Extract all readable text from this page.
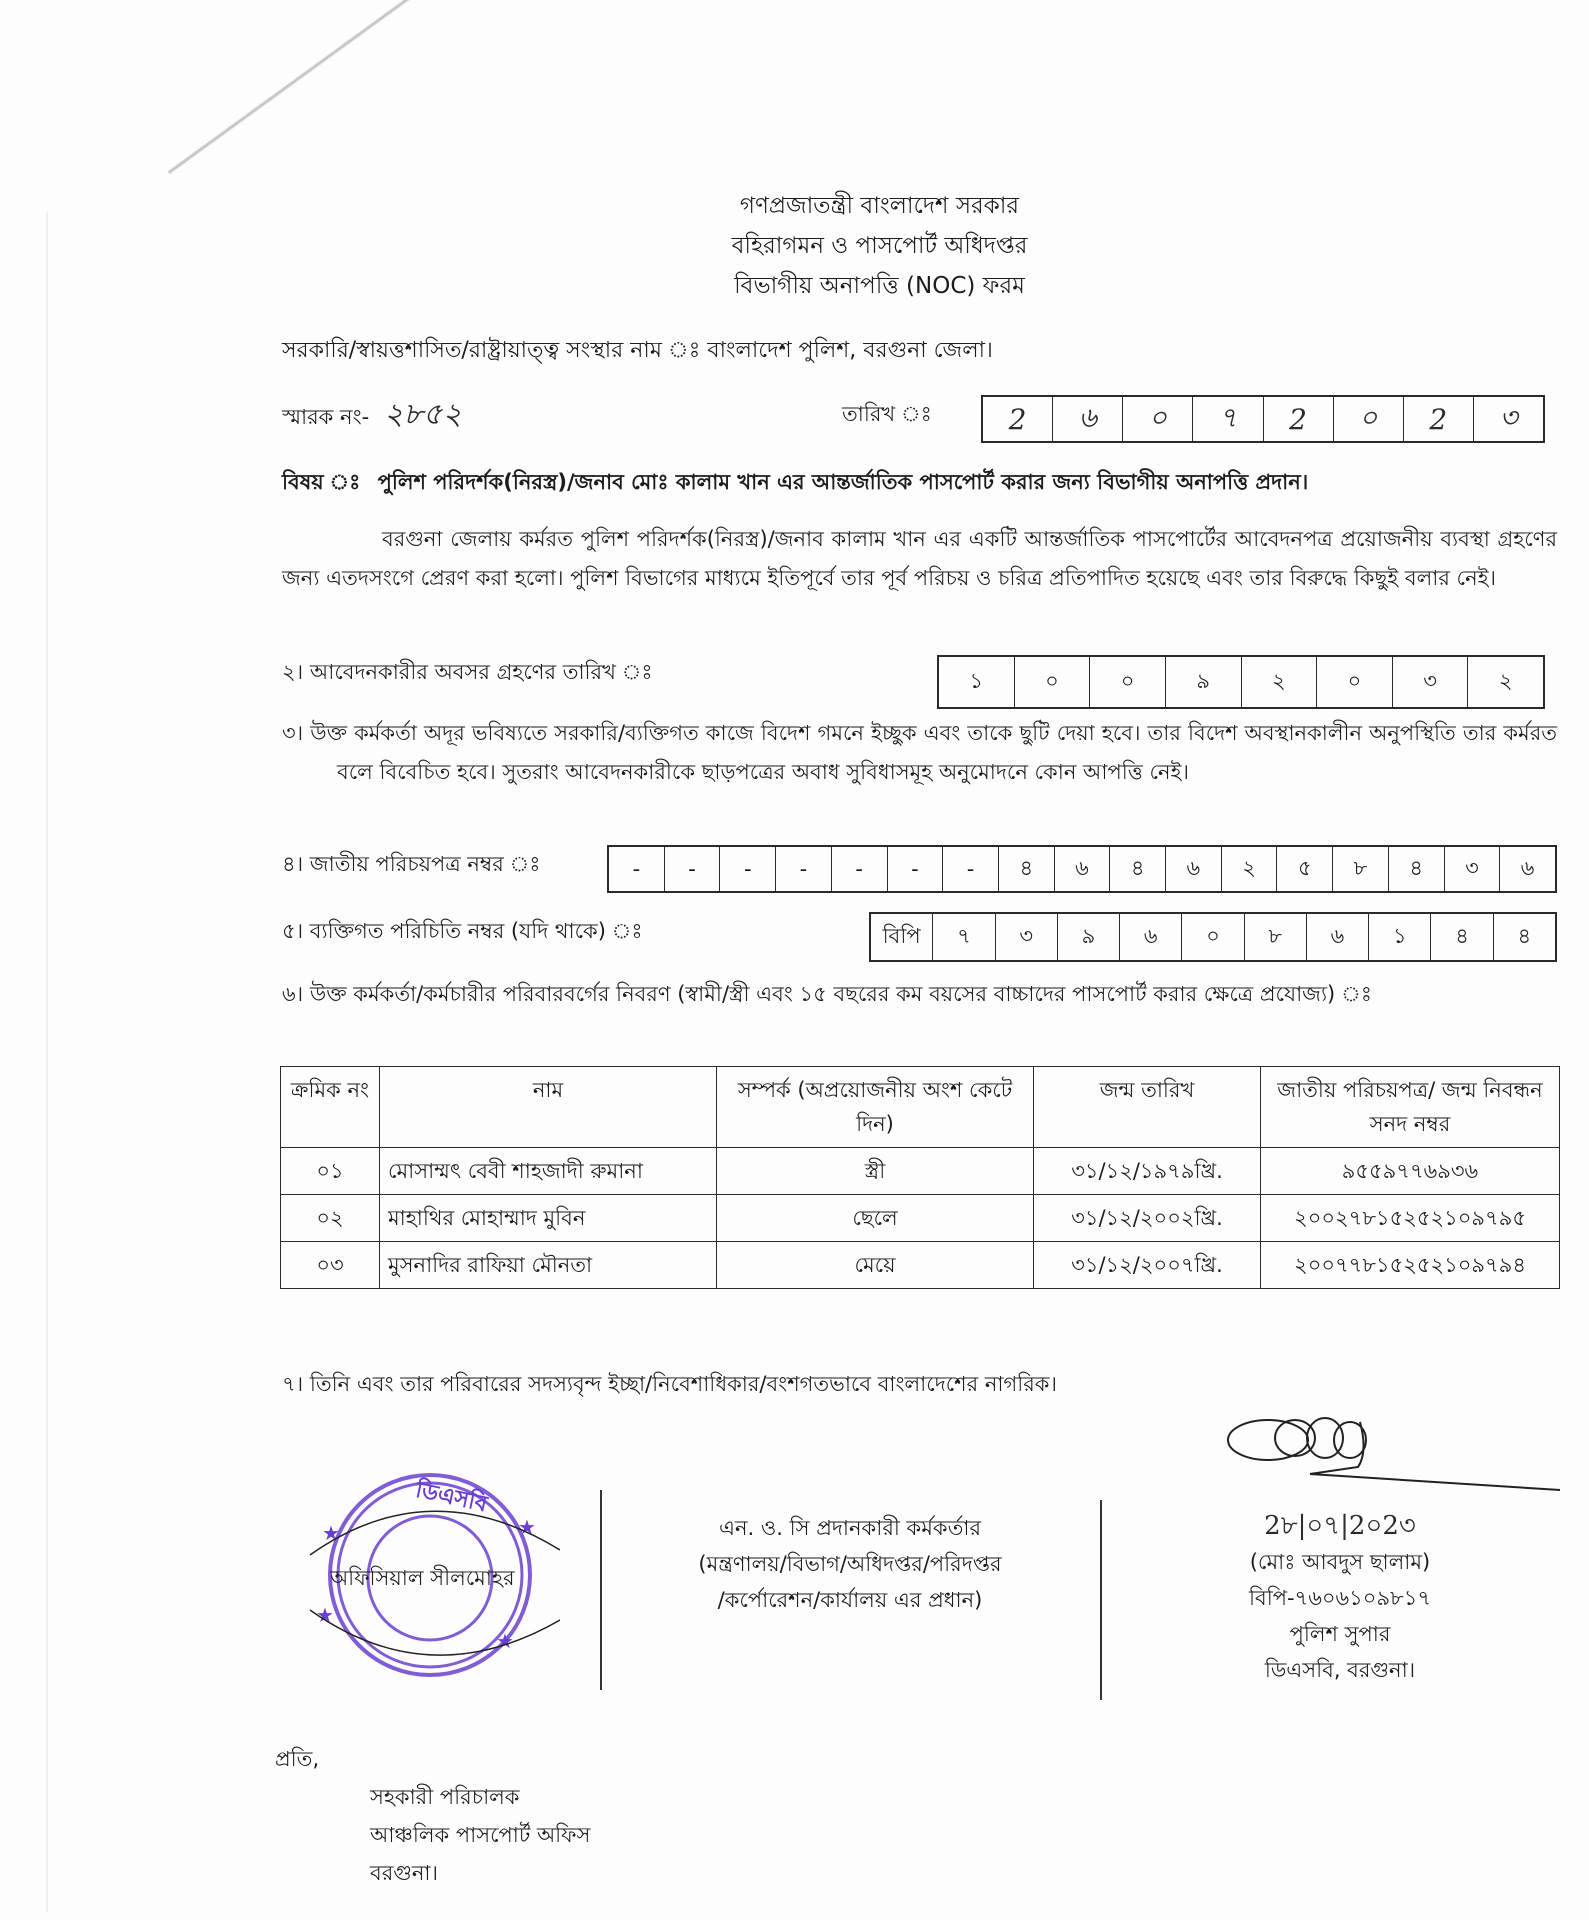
গণপ্রজাতন্ত্রী বাংলাদেশ সরকার
বহিরাগমন ও পাসপোর্ট অধিদপ্তর
বিভাগীয় অনাপত্তি (NOC) ফরম
সরকারি/স্বায়ত্তশাসিত/রাষ্ট্রায়াত্ত্ব সংস্থার নাম ঃ বাংলাদেশ পুলিশ, বরগুনা জেলা।
স্মারক নং- ২৮৫২	তারিখ ঃ	2	৬	০	৭	2	০	2	৩
বিষয় ঃ পুলিশ পরিদর্শক(নিরস্ত্র)/জনাব মোঃ কালাম খান এর আন্তর্জাতিক পাসপোর্ট করার জন্য বিভাগীয় অনাপত্তি প্রদান।
বরগুনা জেলায় কর্মরত পুলিশ পরিদর্শক(নিরস্ত্র)/জনাব কালাম খান এর একটি আন্তর্জাতিক পাসপোর্টের আবেদনপত্র প্রয়োজনীয় ব্যবস্থা গ্রহণের জন্য এতদসংগে প্রেরণ করা হলো। পুলিশ বিভাগের মাধ্যমে ইতিপূর্বে তার পূর্ব পরিচয় ও চরিত্র প্রতিপাদিত হয়েছে এবং তার বিরুদ্ধে কিছুই বলার নেই।
২। আবেদনকারীর অবসর গ্রহণের তারিখ ঃ	১	০	০	৯	২	০	৩	২
৩। উক্ত কর্মকর্তা অদূর ভবিষ্যতে সরকারি/ব্যক্তিগত কাজে বিদেশ গমনে ইচ্ছুক এবং তাকে ছুটি দেয়া হবে। তার বিদেশ অবস্থানকালীন অনুপস্থিতি তার কর্মরত বলে বিবেচিত হবে। সুতরাং আবেদনকারীকে ছাড়পত্রের অবাধ সুবিধাসমূহ অনুমোদনে কোন আপত্তি নেই।
৪। জাতীয় পরিচয়পত্র নম্বর ঃ	-	-	-	-	-	-	-	৪	৬	৪	৬	২	৫	৮	৪	৩	৬
৫। ব্যক্তিগত পরিচিতি নম্বর (যদি থাকে) ঃ	বিপি	৭	৩	৯	৬	০	৮	৬	১	৪	৪
৬। উক্ত কর্মকর্তা/কর্মচারীর পরিবারবর্গের নিবরণ (স্বামী/স্ত্রী এবং ১৫ বছরের কম বয়সের বাচ্চাদের পাসপোর্ট করার ক্ষেত্রে প্রযোজ্য) ঃ
ক্রমিক নং	নাম	সম্পর্ক (অপ্রয়োজনীয় অংশ কেটে দিন)	জন্ম তারিখ	জাতীয় পরিচয়পত্র/ জন্ম নিবন্ধন সনদ নম্বর
০১	মোসাম্মৎ বেবী শাহজাদী রুমানা	স্ত্রী	৩১/১২/১৯৭৯খ্রি.	৯৫৫৯৭৭৬৯৩৬
০২	মাহাথির মোহাম্মাদ মুবিন	ছেলে	৩১/১২/২০০২খ্রি.	২০০২৭৮১৫২৫২১০৯৭৯৫
০৩	মুসনাদির রাফিয়া মৌনতা	মেয়ে	৩১/১২/২০০৭খ্রি.	২০০৭৭৮১৫২৫২১০৯৭৯৪
৭। তিনি এবং তার পরিবারের সদস্যবৃন্দ ইচ্ছা/নিবেশাধিকার/বংশগতভাবে বাংলাদেশের নাগরিক।
ডিএসবি
★
★
★
★
অফিসিয়াল সীলমোহর
এন. ও. সি প্রদানকারী কর্মকর্তার
(মন্ত্রণালয়/বিভাগ/অধিদপ্তর/পরিদপ্তর
/কর্পোরেশন/কার্যালয় এর প্রধান)
2৮|০৭|2০2৩
(মোঃ আবদুস ছালাম)
বিপি-৭৬০৬১০৯৮১৭
পুলিশ সুপার
ডিএসবি, বরগুনা।
প্রতি,
সহকারী পরিচালক
আঞ্চলিক পাসপোর্ট অফিস
বরগুনা।
